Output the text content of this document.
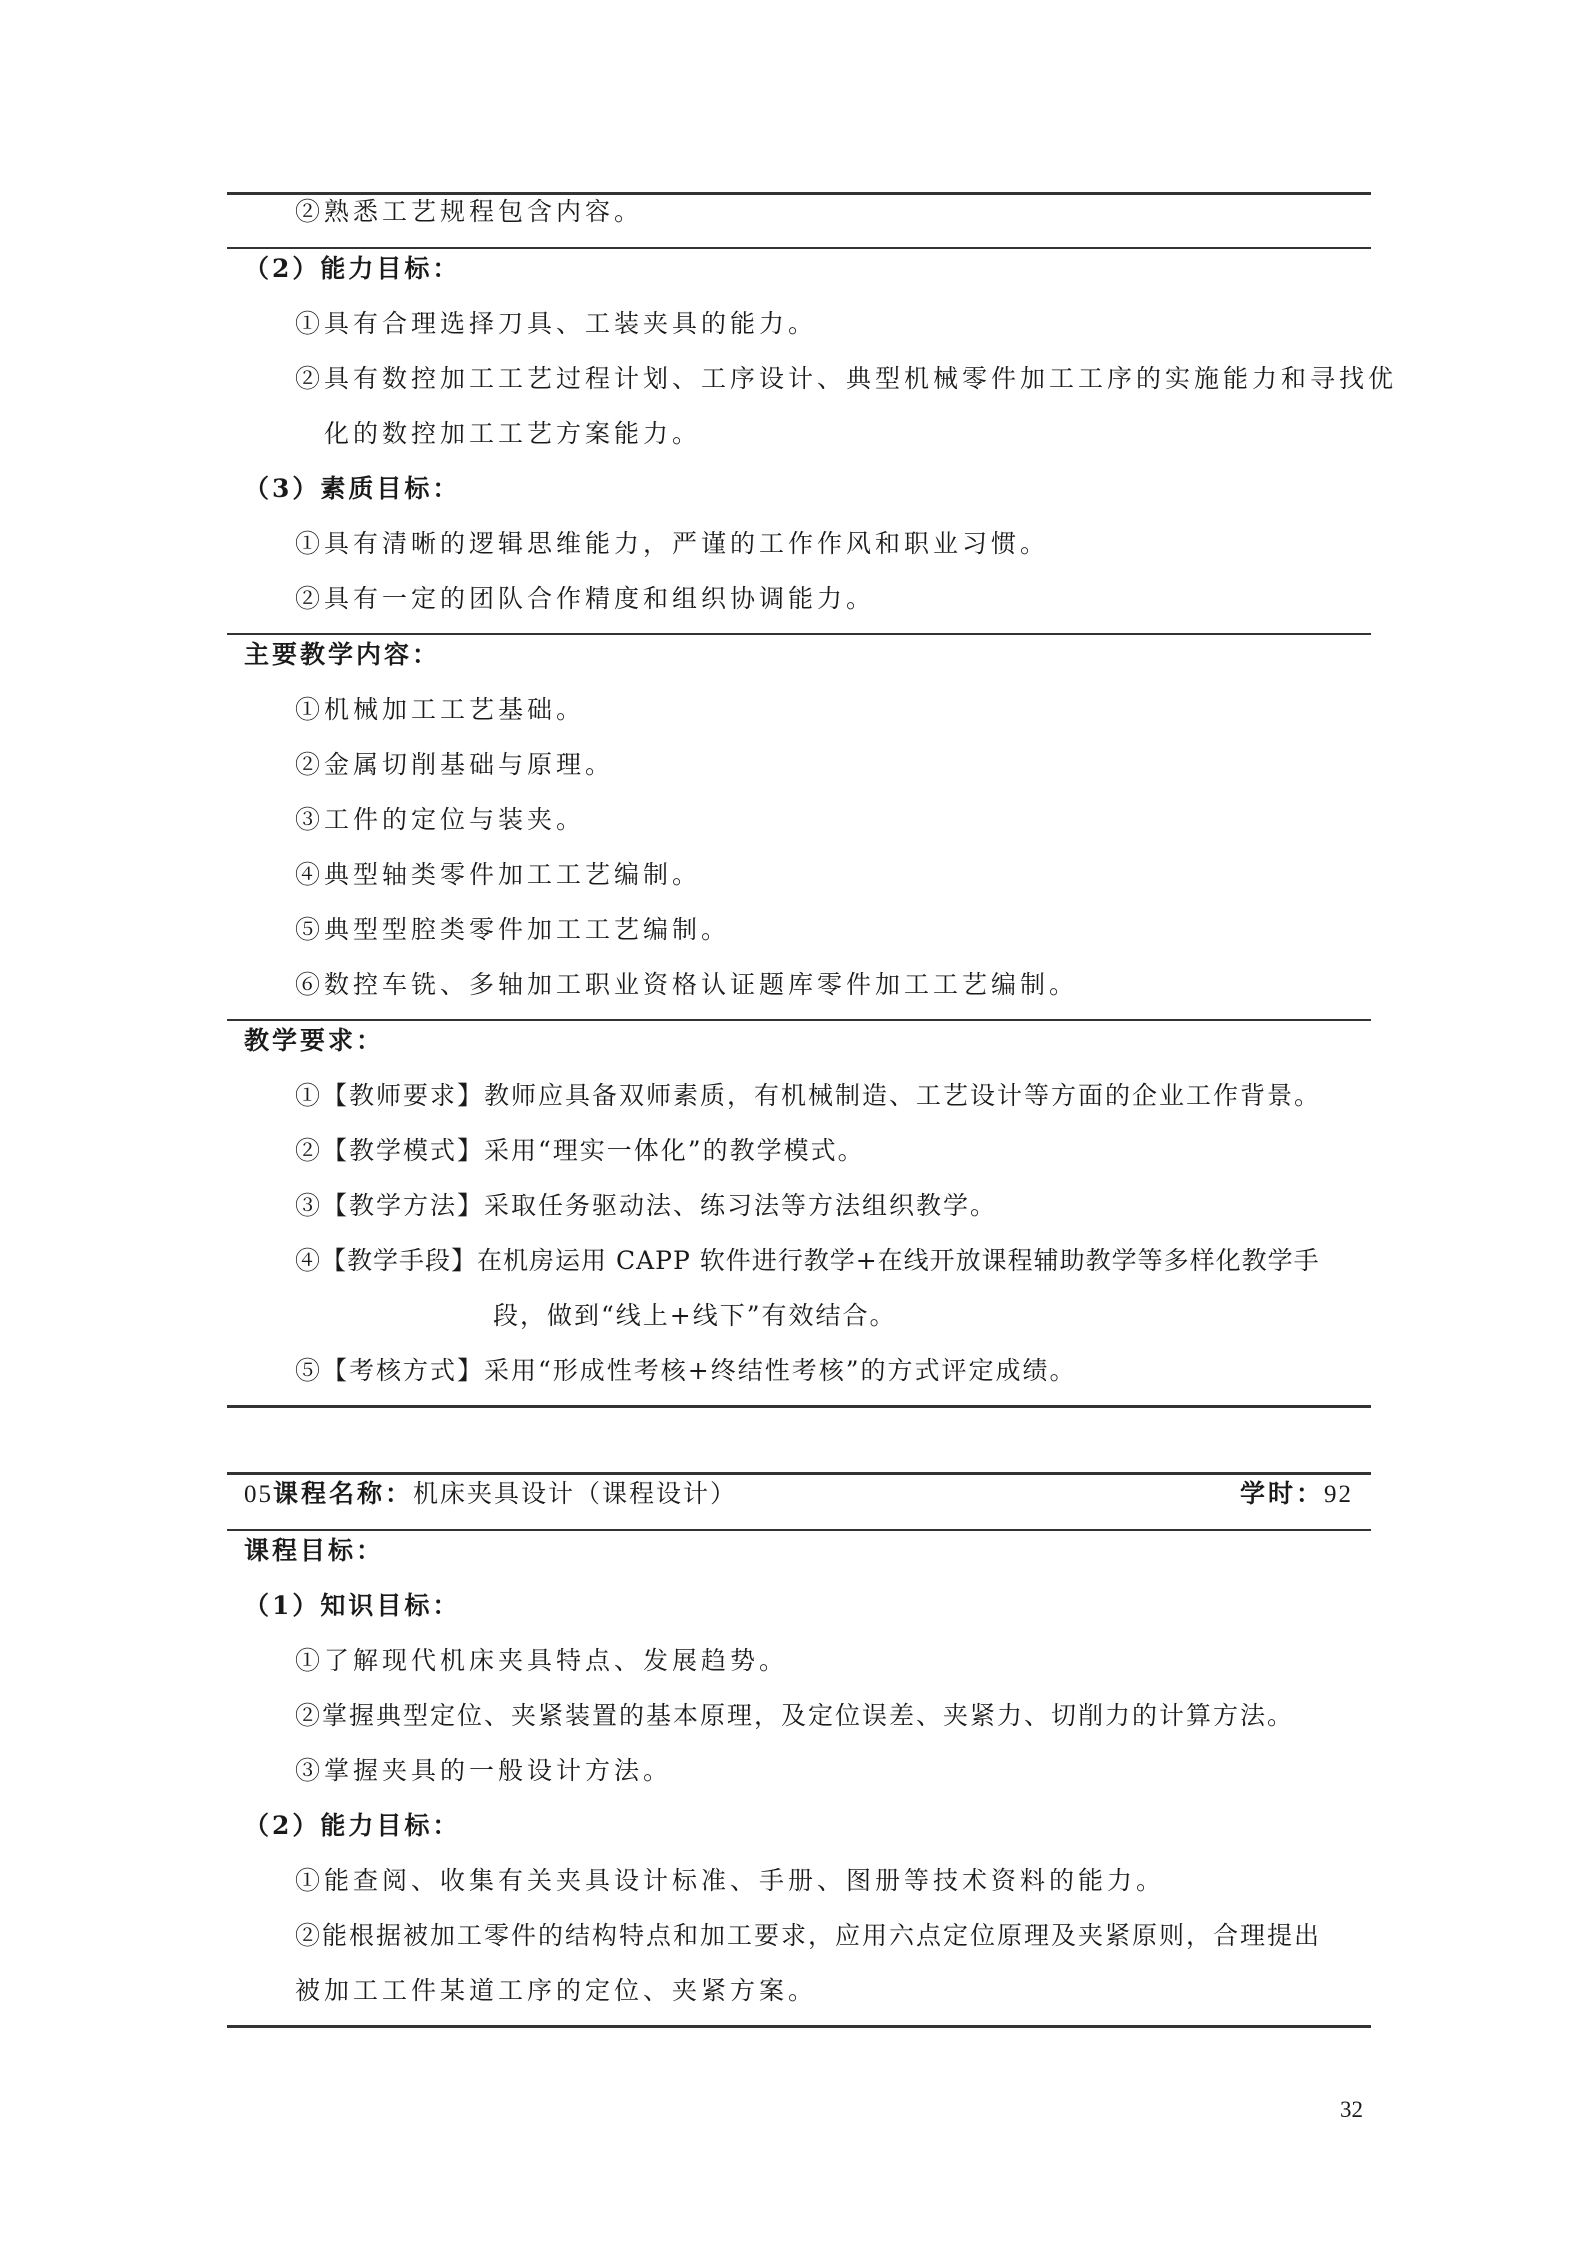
②熟悉工艺规程包含内容。
（2）能力目标：
①具有合理选择刀具、工装夹具的能力。
②具有数控加工工艺过程计划、工序设计、典型机械零件加工工序的实施能力和寻找优
化的数控加工工艺方案能力。
（3）素质目标：
①具有清晰的逻辑思维能力，严谨的工作作风和职业习惯。
②具有一定的团队合作精度和组织协调能力。
主要教学内容：
①机械加工工艺基础。
②金属切削基础与原理。
③工件的定位与装夹。
④典型轴类零件加工工艺编制。
⑤典型型腔类零件加工工艺编制。
⑥数控车铣、多轴加工职业资格认证题库零件加工工艺编制。
教学要求：
①【教师要求】教师应具备双师素质，有机械制造、工艺设计等方面的企业工作背景。
②【教学模式】采用“理实一体化”的教学模式。
③【教学方法】采取任务驱动法、练习法等方法组织教学。
④【教学手段】在机房运用 CAPP 软件进行教学+在线开放课程辅助教学等多样化教学手
段，做到“线上+线下”有效结合。
⑤【考核方式】采用“形成性考核+终结性考核”的方式评定成绩。
05课程名称：机床夹具设计（课程设计）	学时：92
课程目标：
（1）知识目标：
①了解现代机床夹具特点、发展趋势。
②掌握典型定位、夹紧装置的基本原理，及定位误差、夹紧力、切削力的计算方法。
③掌握夹具的一般设计方法。
（2）能力目标：
①能查阅、收集有关夹具设计标准、手册、图册等技术资料的能力。
②能根据被加工零件的结构特点和加工要求，应用六点定位原理及夹紧原则，合理提出
被加工工件某道工序的定位、夹紧方案。
32
